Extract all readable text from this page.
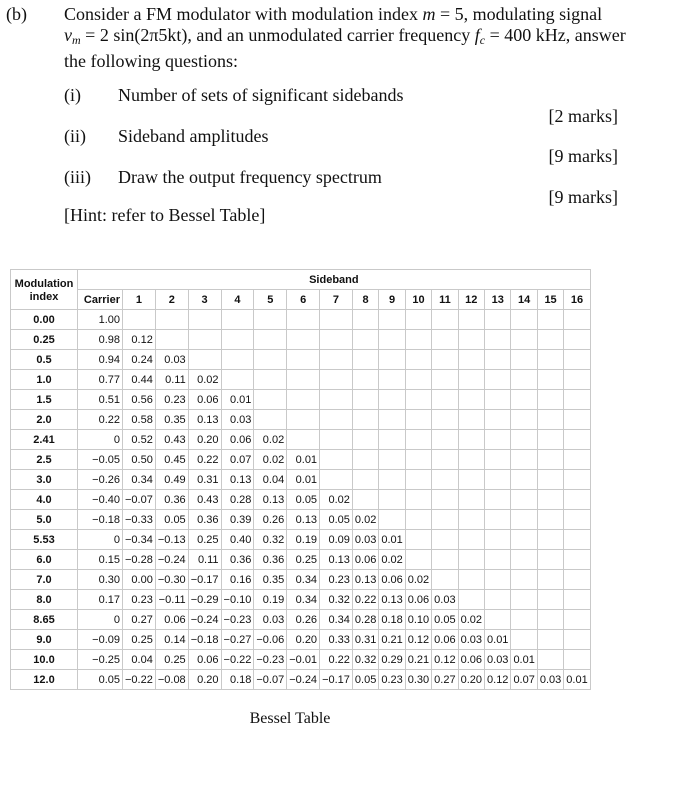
(b) Consider a FM modulator with modulation index m = 5, modulating signal
$v_m = 2$ sin(2π5kt), and an unmodulated carrier frequency $f_c = 400$ kHz, answer
the following questions:
(i) Number of sets of significant sidebands
[2 marks]
(ii) Sideband amplitudes
[9 marks]
(iii) Draw the output frequency spectrum
[9 marks]
[Hint: refer to Bessel Table]
Modulation
index	Sideband																
	Carrier	1	2	3	4	5	6	7	8	9	10	11	12	13	14	15	16
0.00	1.00																
0.25	0.98	0.12															
0.5	0.94	0.24	0.03														
1.0	0.77	0.44	0.11	0.02													
1.5	0.51	0.56	0.23	0.06	0.01												
2.0	0.22	0.58	0.35	0.13	0.03												
2.41	0	0.52	0.43	0.20	0.06	0.02											
2.5	−0.05	0.50	0.45	0.22	0.07	0.02	0.01										
3.0	−0.26	0.34	0.49	0.31	0.13	0.04	0.01										
4.0	−0.40	−0.07	0.36	0.43	0.28	0.13	0.05	0.02									
5.0	−0.18	−0.33	0.05	0.36	0.39	0.26	0.13	0.05	0.02								
5.53	0	−0.34	−0.13	0.25	0.40	0.32	0.19	0.09	0.03	0.01							
6.0	0.15	−0.28	−0.24	0.11	0.36	0.36	0.25	0.13	0.06	0.02							
7.0	0.30	0.00	−0.30	−0.17	0.16	0.35	0.34	0.23	0.13	0.06	0.02						
8.0	0.17	0.23	−0.11	−0.29	−0.10	0.19	0.34	0.32	0.22	0.13	0.06	0.03					
8.65	0	0.27	0.06	−0.24	−0.23	0.03	0.26	0.34	0.28	0.18	0.10	0.05	0.02				
9.0	−0.09	0.25	0.14	−0.18	−0.27	−0.06	0.20	0.33	0.31	0.21	0.12	0.06	0.03	0.01			
10.0	−0.25	0.04	0.25	0.06	−0.22	−0.23	−0.01	0.22	0.32	0.29	0.21	0.12	0.06	0.03	0.01		
12.0	0.05	−0.22	−0.08	0.20	0.18	−0.07	−0.24	−0.17	0.05	0.23	0.30	0.27	0.20	0.12	0.07	0.03	0.01
Bessel Table
